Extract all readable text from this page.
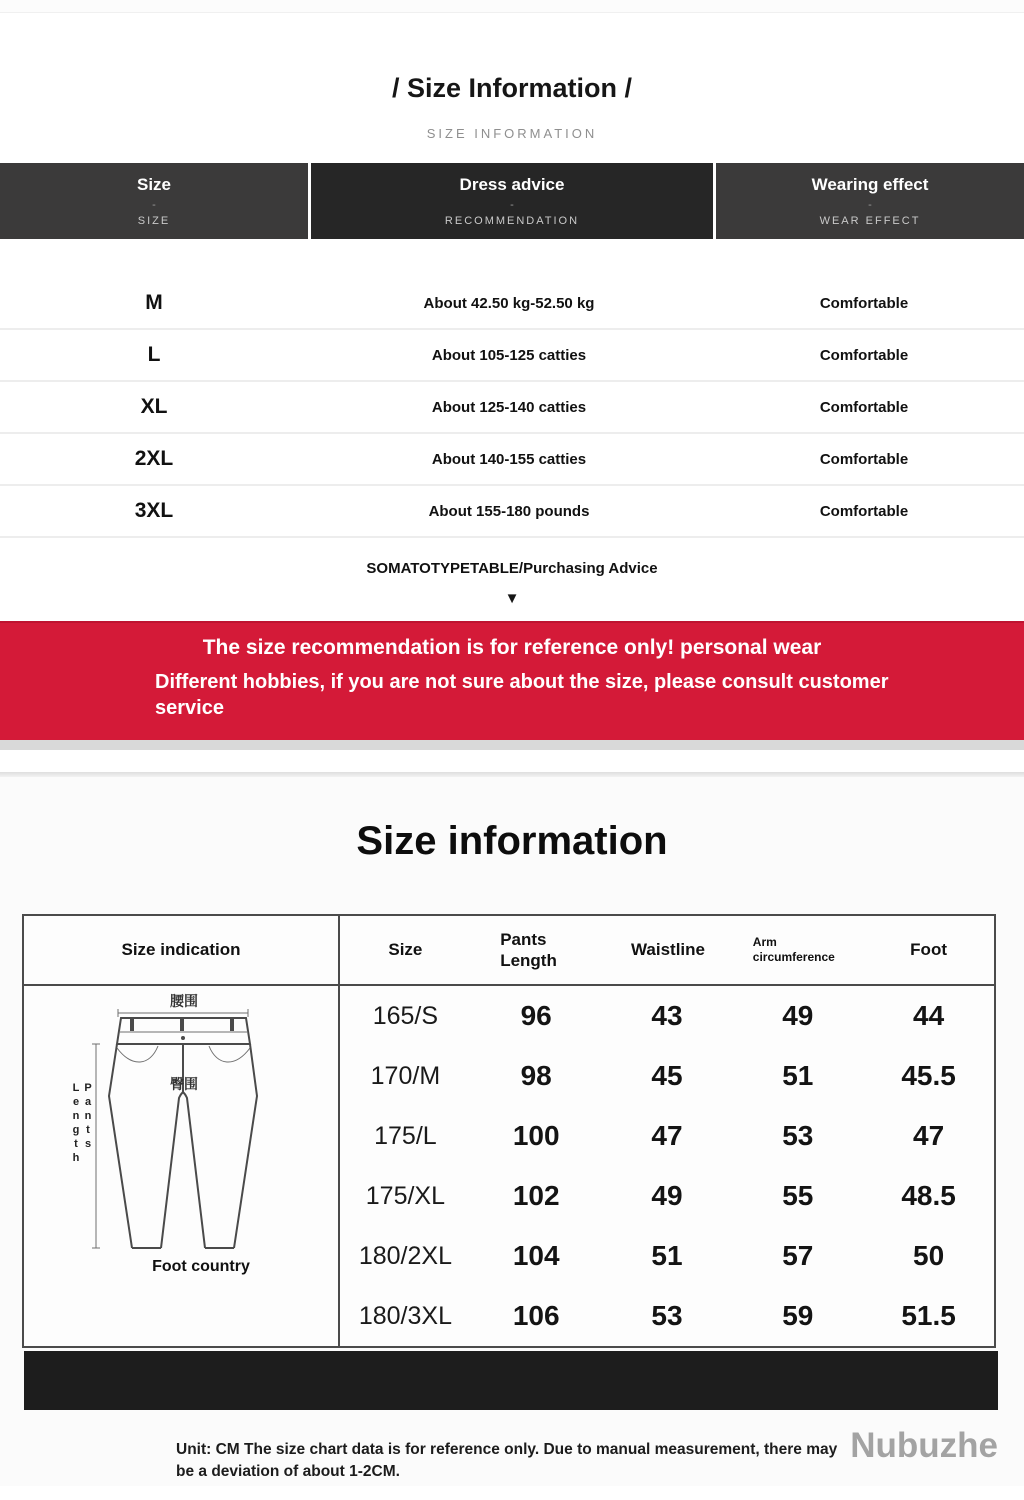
/ Size Information /
SIZE INFORMATION
Size
-
SIZE
Dress advice
-
RECOMMENDATION
Wearing effect
-
WEAR EFFECT
M	About 42.50 kg-52.50 kg	Comfortable
L	About 105-125 catties	Comfortable
XL	About 125-140 catties	Comfortable
2XL	About 140-155 catties	Comfortable
3XL	About 155-180 pounds	Comfortable
SOMATOTYPETABLE/Purchasing Advice
▼
The size recommendation is for reference only! personal wear
Different hobbies, if you are not sure about the size, please consult customer service
Size information
Size indication
腰围
臀围
Pants Length
Foot country
Size
Pants Length
Waistline	Arm circumference	Foot
165/S	96	43	49	44
170/M	98	45	51	45.5
175/L	100	47	53	47
175/XL	102	49	55	48.5
180/2XL	104	51	57	50
180/3XL	106	53	59	51.5
Unit: CM The size chart data is for reference only. Due to manual measurement, there may be a deviation of about 1-2CM.
Nubuzhe
